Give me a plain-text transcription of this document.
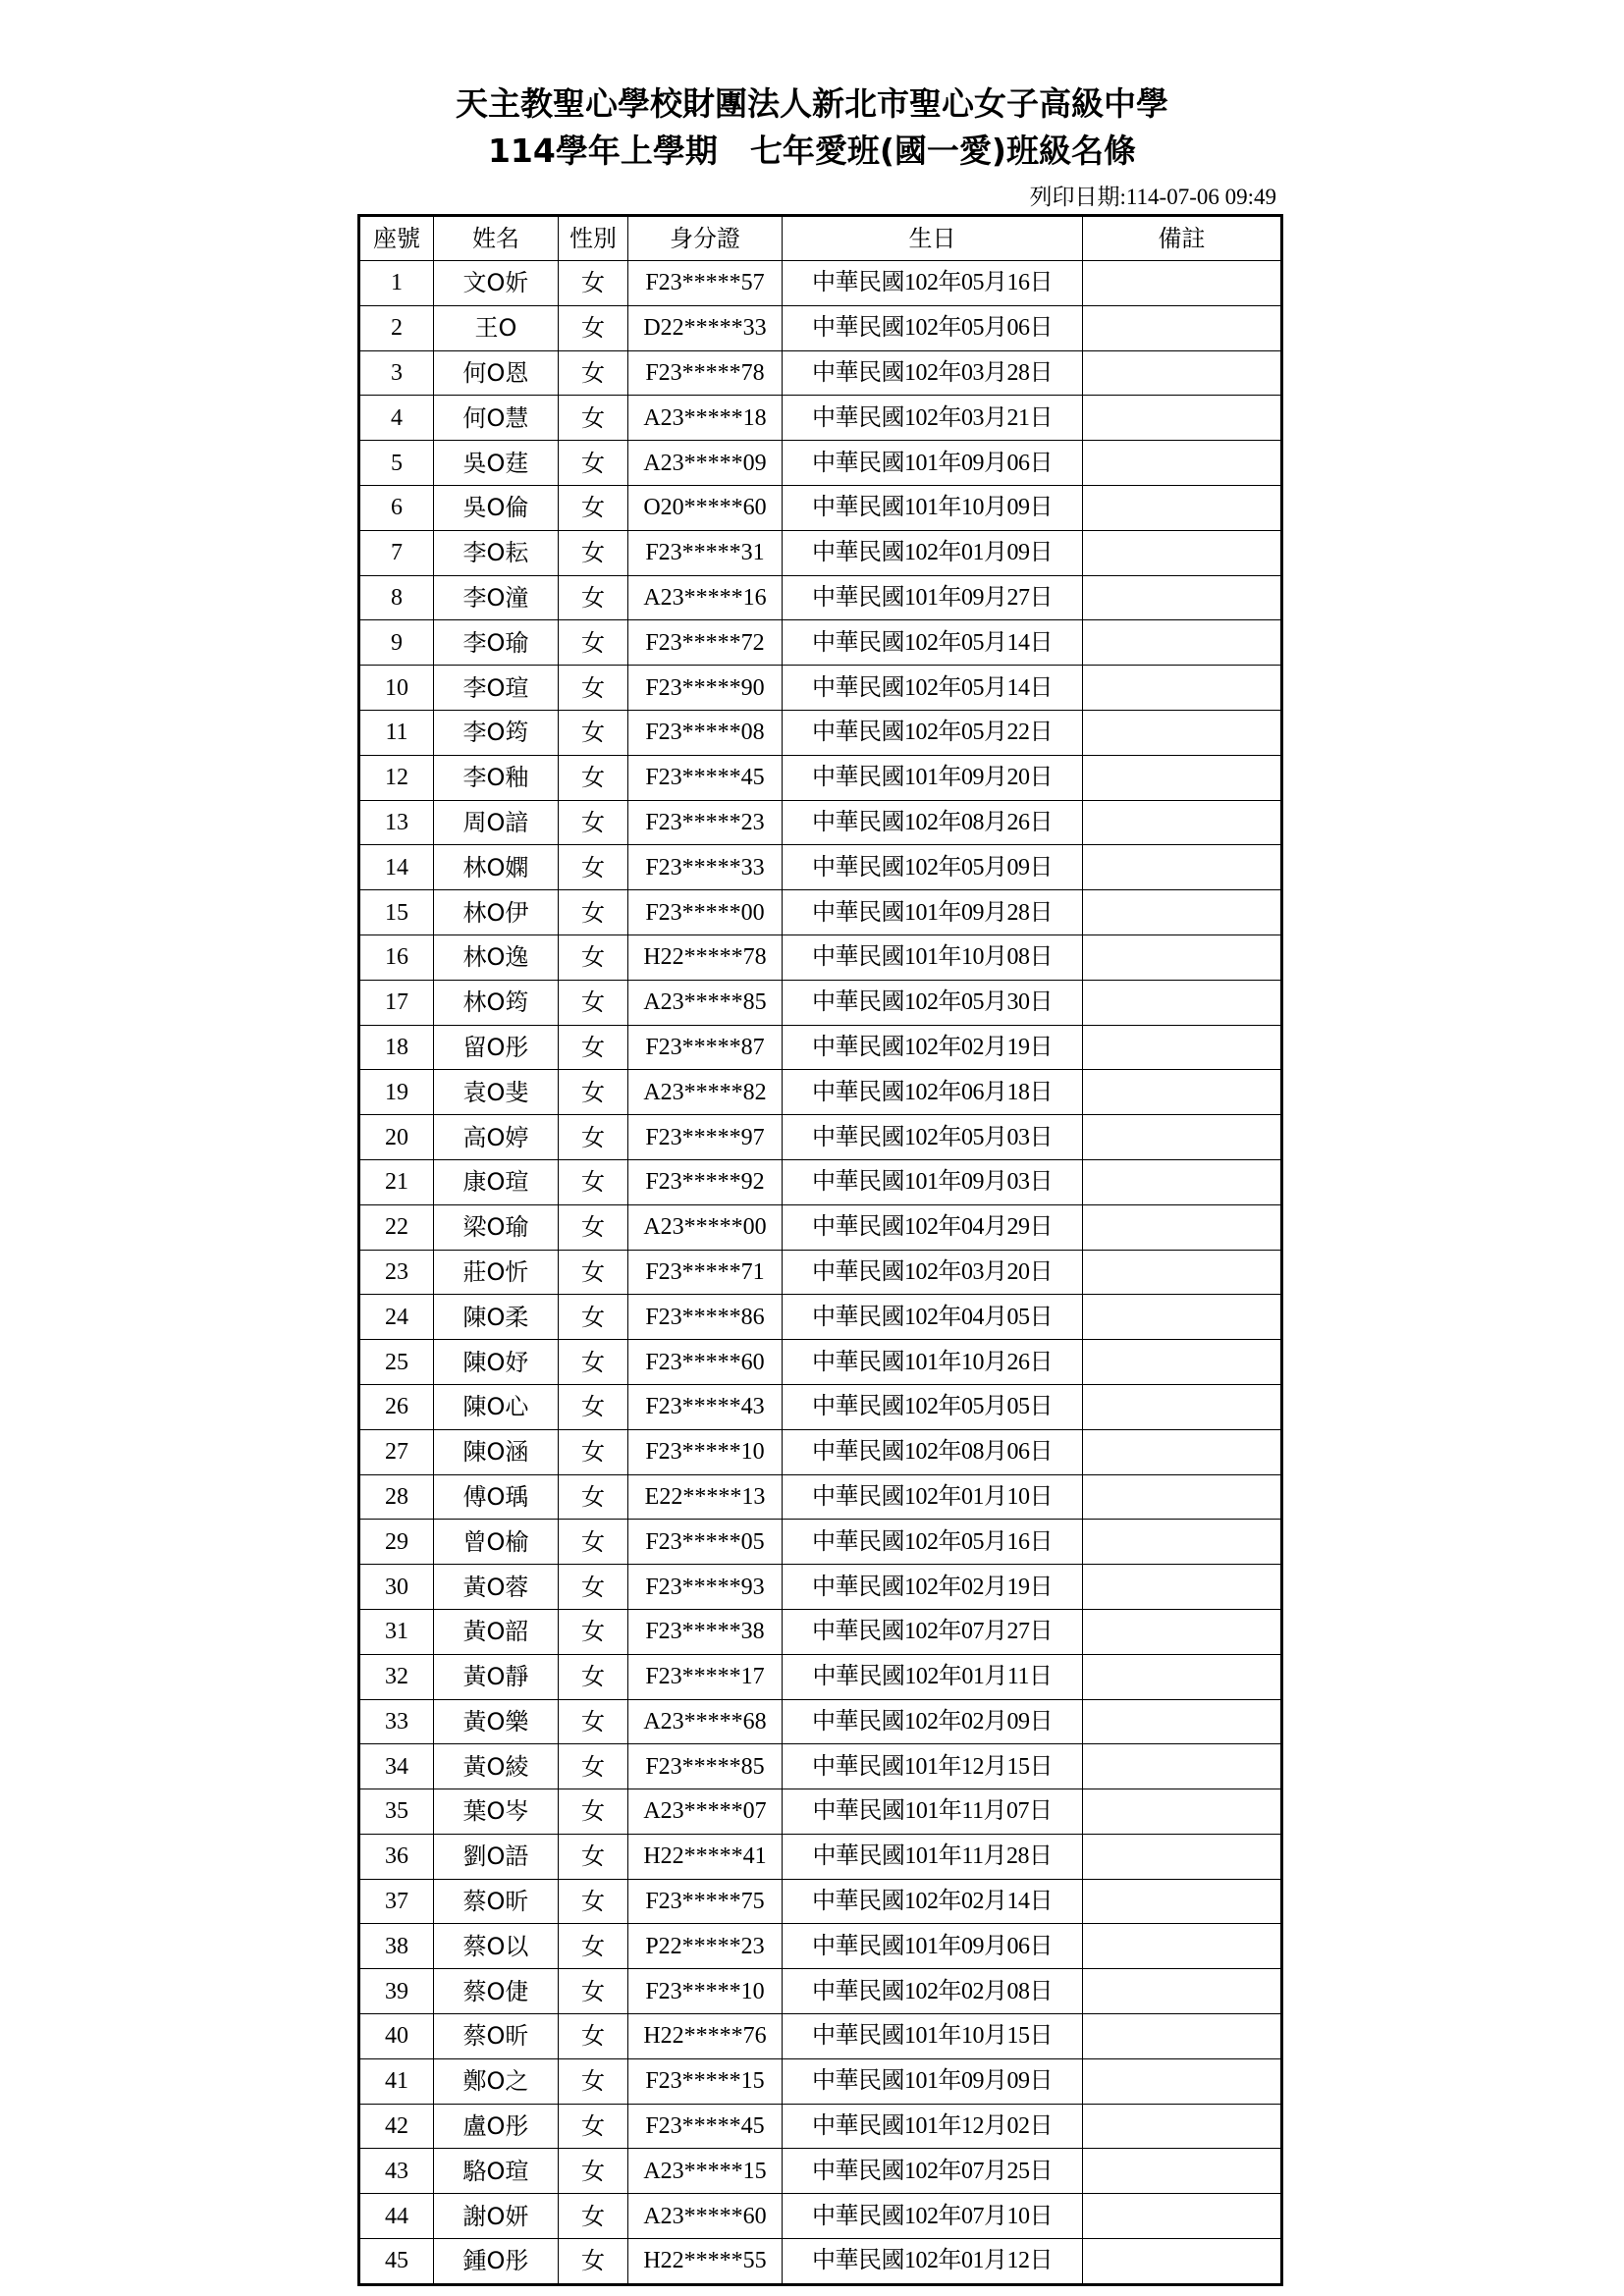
天主教聖心學校財團法人新北市聖心女子高級中學
114學年上學期　七年愛班(國一愛)班級名條
列印日期:114-07-06 09:49
座號	姓名	性別	身分證	生日	備註
1	文O妡	女	F23*****57	中華民國102年05月16日	
2	王O	女	D22*****33	中華民國102年05月06日	
3	何O恩	女	F23*****78	中華民國102年03月28日	
4	何O慧	女	A23*****18	中華民國102年03月21日	
5	吳O莛	女	A23*****09	中華民國101年09月06日	
6	吳O倫	女	O20*****60	中華民國101年10月09日	
7	李O耘	女	F23*****31	中華民國102年01月09日	
8	李O潼	女	A23*****16	中華民國101年09月27日	
9	李O瑜	女	F23*****72	中華民國102年05月14日	
10	李O瑄	女	F23*****90	中華民國102年05月14日	
11	李O筠	女	F23*****08	中華民國102年05月22日	
12	李O釉	女	F23*****45	中華民國101年09月20日	
13	周O諳	女	F23*****23	中華民國102年08月26日	
14	林O嫻	女	F23*****33	中華民國102年05月09日	
15	林O伊	女	F23*****00	中華民國101年09月28日	
16	林O逸	女	H22*****78	中華民國101年10月08日	
17	林O筠	女	A23*****85	中華民國102年05月30日	
18	留O彤	女	F23*****87	中華民國102年02月19日	
19	袁O斐	女	A23*****82	中華民國102年06月18日	
20	高O婷	女	F23*****97	中華民國102年05月03日	
21	康O瑄	女	F23*****92	中華民國101年09月03日	
22	梁O瑜	女	A23*****00	中華民國102年04月29日	
23	莊O忻	女	F23*****71	中華民國102年03月20日	
24	陳O柔	女	F23*****86	中華民國102年04月05日	
25	陳O妤	女	F23*****60	中華民國101年10月26日	
26	陳O心	女	F23*****43	中華民國102年05月05日	
27	陳O涵	女	F23*****10	中華民國102年08月06日	
28	傅O瑀	女	E22*****13	中華民國102年01月10日	
29	曾O榆	女	F23*****05	中華民國102年05月16日	
30	黃O蓉	女	F23*****93	中華民國102年02月19日	
31	黃O韶	女	F23*****38	中華民國102年07月27日	
32	黃O靜	女	F23*****17	中華民國102年01月11日	
33	黃O樂	女	A23*****68	中華民國102年02月09日	
34	黃O綾	女	F23*****85	中華民國101年12月15日	
35	葉O岑	女	A23*****07	中華民國101年11月07日	
36	劉O語	女	H22*****41	中華民國101年11月28日	
37	蔡O昕	女	F23*****75	中華民國102年02月14日	
38	蔡O以	女	P22*****23	中華民國101年09月06日	
39	蔡O倢	女	F23*****10	中華民國102年02月08日	
40	蔡O昕	女	H22*****76	中華民國101年10月15日	
41	鄭O之	女	F23*****15	中華民國101年09月09日	
42	盧O彤	女	F23*****45	中華民國101年12月02日	
43	駱O瑄	女	A23*****15	中華民國102年07月25日	
44	謝O妍	女	A23*****60	中華民國102年07月10日	
45	鍾O彤	女	H22*****55	中華民國102年01月12日	
